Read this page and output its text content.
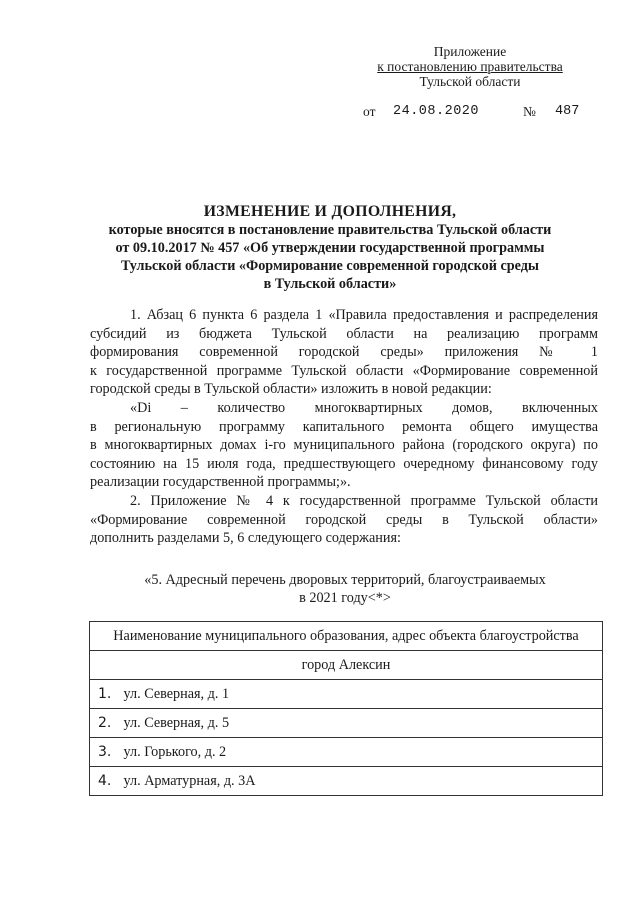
Приложение
к постановлению правительства
Тульской области
от 24.08.2020	№ 487
ИЗМЕНЕНИЕ И ДОПОЛНЕНИЯ,
которые вносятся в постановление правительства Тульской области
от 09.10.2017 № 457 «Об утверждении государственной программы
Тульской области «Формирование современной городской среды
в Тульской области»
1. Абзац 6 пункта 6 раздела 1 «Правила предоставления и распределения
субсидий из бюджета Тульской области на реализацию программ
формирования современной городской среды» приложения № 1
к государственной программе Тульской области «Формирование современной
городской среды в Тульской области» изложить в новой редакции:
«Di – количество многоквартирных домов, включенных
в региональную программу капитального ремонта общего имущества
в многоквартирных домах i-го муниципального района (городского округа) по
состоянию на 15 июля года, предшествующего очередному финансовому году
реализации государственной программы;».
2. Приложение № 4 к государственной программе Тульской области
«Формирование современной городской среды в Тульской области»
дополнить разделами 5, 6 следующего содержания:
«5. Адресный перечень дворовых территорий, благоустраиваемых
в 2021 году<*>
Наименование муниципального образования, адрес объекта благоустройства
город Алексин
1. ул. Северная, д. 1
2. ул. Северная, д. 5
3. ул. Горького, д. 2
4. ул. Арматурная, д. 3А
